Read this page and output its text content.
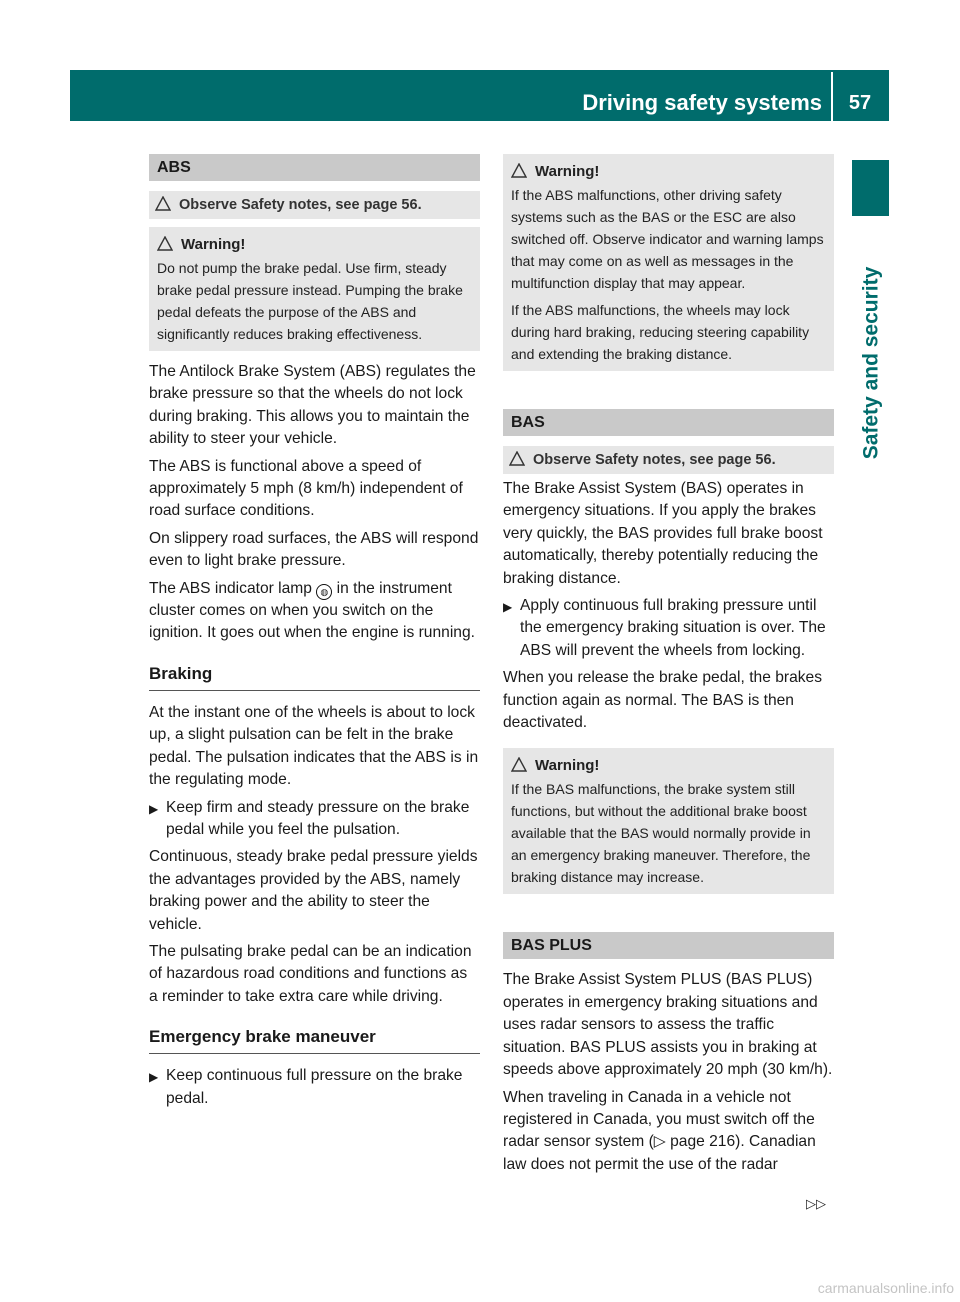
Driving safety systems	57
Safety and security
ABS
Observe Safety notes, see page 56.
Warning!

Do not pump the brake pedal. Use firm, steady brake pedal pressure instead. Pumping the brake pedal defeats the purpose of the ABS and significantly reduces braking effectiveness.

The Antilock Brake System (ABS) regulates the brake pressure so that the wheels do not lock during braking. This allows you to maintain the ability to steer your vehicle.

The ABS is functional above a speed of approximately 5 mph (8 km/h) independent of road surface conditions.

On slippery road surfaces, the ABS will respond even to light brake pressure.

The ABS indicator lamp ◍ in the instrument cluster comes on when you switch on the ignition. It goes out when the engine is running.

Braking

At the instant one of the wheels is about to lock up, a slight pulsation can be felt in the brake pedal. The pulsation indicates that the ABS is in the regulating mode.

▶ Keep firm and steady pressure on the brake pedal while you feel the pulsation.

Continuous, steady brake pedal pressure yields the advantages provided by the ABS, namely braking power and the ability to steer the vehicle.

The pulsating brake pedal can be an indication of hazardous road conditions and functions as a reminder to take extra care while driving.

Emergency brake maneuver
▶ Keep continuous full pressure on the brake pedal.
Warning!

If the ABS malfunctions, other driving safety systems such as the BAS or the ESC are also switched off. Observe indicator and warning lamps that may come on as well as messages in the multifunction display that may appear.

If the ABS malfunctions, the wheels may lock during hard braking, reducing steering capability and extending the braking distance.

BAS
Observe Safety notes, see page 56.

The Brake Assist System (BAS) operates in emergency situations. If you apply the brakes very quickly, the BAS provides full brake boost automatically, thereby potentially reducing the braking distance.

▶ Apply continuous full braking pressure until the emergency braking situation is over. The ABS will prevent the wheels from locking.

When you release the brake pedal, the brakes function again as normal. The BAS is then deactivated.

Warning!

If the BAS malfunctions, the brake system still functions, but without the additional brake boost available that the BAS would normally provide in an emergency braking maneuver. Therefore, the braking distance may increase.

BAS PLUS

The Brake Assist System PLUS (BAS PLUS) operates in emergency braking situations and uses radar sensors to assess the traffic situation. BAS PLUS assists you in braking at speeds above approximately 20 mph (30 km/h).

When traveling in Canada in a vehicle not registered in Canada, you must switch off the radar sensor system (▷ page 216). Canadian law does not permit the use of the radar

▷▷
carmanualsonline.info
